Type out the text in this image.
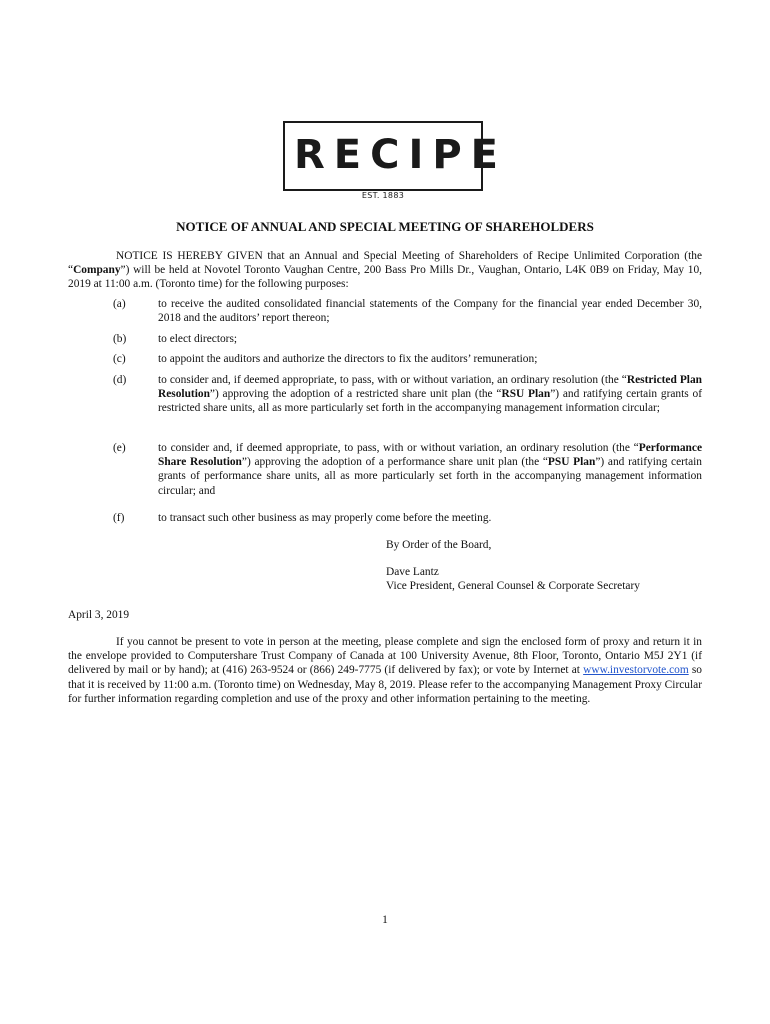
RECIPE
EST. 1883
NOTICE OF ANNUAL AND SPECIAL MEETING OF SHAREHOLDERS
NOTICE IS HEREBY GIVEN that an Annual and Special Meeting of Shareholders of Recipe Unlimited Corporation (the “Company”) will be held at Novotel Toronto Vaughan Centre, 200 Bass Pro Mills Dr., Vaughan, Ontario, L4K 0B9 on Friday, May 10, 2019 at 11:00 a.m. (Toronto time) for the following purposes:
(a)	to receive the audited consolidated financial statements of the Company for the financial year ended December 30, 2018 and the auditors’ report thereon;
(b)	to elect directors;
(c)	to appoint the auditors and authorize the directors to fix the auditors’ remuneration;
(d)	to consider and, if deemed appropriate, to pass, with or without variation, an ordinary resolution (the “Restricted Plan Resolution”) approving the adoption of a restricted share unit plan (the “RSU Plan”) and ratifying certain grants of restricted share units, all as more particularly set forth in the accompanying management information circular;
(e)	to consider and, if deemed appropriate, to pass, with or without variation, an ordinary resolution (the “Performance Share Resolution”) approving the adoption of a performance share unit plan (the “PSU Plan”) and ratifying certain grants of performance share units, all as more particularly set forth in the accompanying management information circular; and
(f)	to transact such other business as may properly come before the meeting.
By Order of the Board,
Dave Lantz
Vice President, General Counsel & Corporate Secretary
April 3, 2019
If you cannot be present to vote in person at the meeting, please complete and sign the enclosed form of proxy and return it in the envelope provided to Computershare Trust Company of Canada at 100 University Avenue, 8th Floor, Toronto, Ontario M5J 2Y1 (if delivered by mail or by hand); at (416) 263-9524 or (866) 249-7775 (if delivered by fax); or vote by Internet at www.investorvote.com so that it is received by 11:00 a.m. (Toronto time) on Wednesday, May 8, 2019. Please refer to the accompanying Management Proxy Circular for further information regarding completion and use of the proxy and other information pertaining to the meeting.
1
